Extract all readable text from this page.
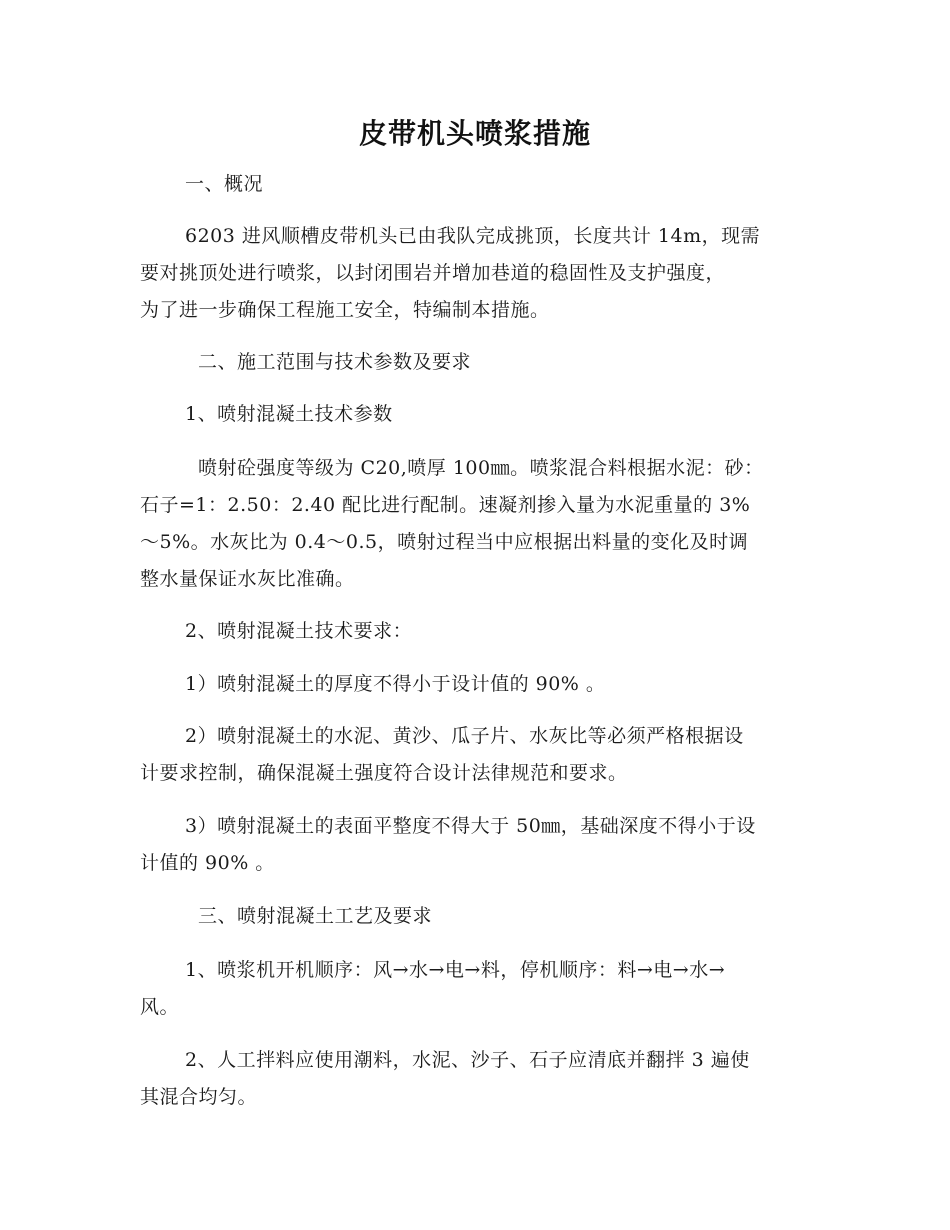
皮带机头喷浆措施
一、概况
6203 进风顺槽皮带机头已由我队完成挑顶，长度共计 14m，现需
要对挑顶处进行喷浆，以封闭围岩并增加巷道的稳固性及支护强度，
为了进一步确保工程施工安全，特编制本措施。
二、施工范围与技术参数及要求
1、喷射混凝土技术参数
喷射砼强度等级为 C20,喷厚 100㎜。喷浆混合料根据水泥：砂：
石子=1：2.50：2.40 配比进行配制。速凝剂掺入量为水泥重量的 3%
～5%。水灰比为 0.4～0.5，喷射过程当中应根据出料量的变化及时调
整水量保证水灰比准确。
2、喷射混凝土技术要求：
1）喷射混凝土的厚度不得小于设计值的 90% 。
2）喷射混凝土的水泥、黄沙、瓜子片、水灰比等必须严格根据设
计要求控制，确保混凝土强度符合设计法律规范和要求。
3）喷射混凝土的表面平整度不得大于 50㎜，基础深度不得小于设
计值的 90% 。
三、喷射混凝土工艺及要求
1、喷浆机开机顺序：风→水→电→料，停机顺序：料→电→水→
风。
2、人工拌料应使用潮料，水泥、沙子、石子应清底并翻拌 3 遍使
其混合均匀。
